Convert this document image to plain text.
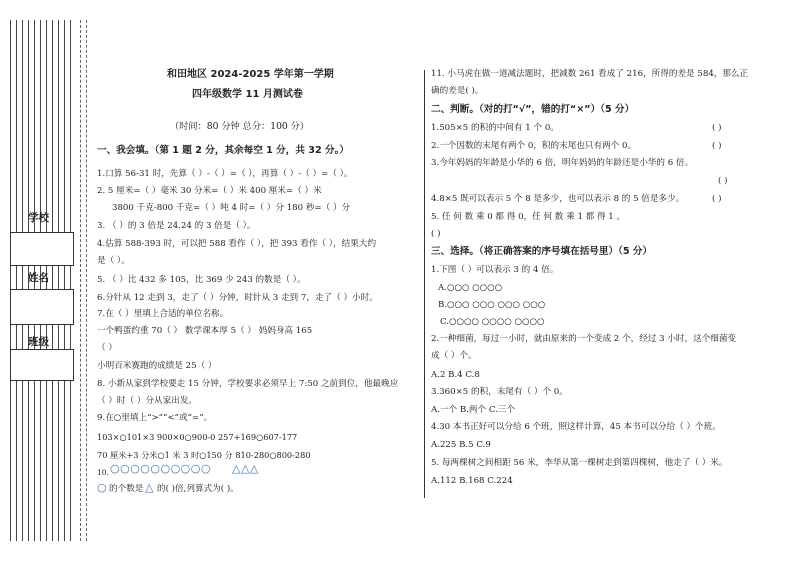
学校
姓名
班级
和田地区 2024-2025 学年第一学期
四年级数学 11 月测试卷
（时间：80 分钟 总分：100 分）
一、我会填。（第 1 题 2 分，其余每空 1 分，共 32 分。）
1.口算 56-31 时，先算（ ）-（ ）=（ ），再算（ ）-（ ）=（ ）。
2. 5 厘米=（ ）毫米 30 分米=（ ）米 400 厘米=（ ）米
3800 千克-800 千克=（ ）吨 4 时=（ ）分 180 秒=（ ）分
3. （ ）的 3 倍是 24.24 的 3 倍是（ ）。
4.估算 588-393 时，可以把 588 看作（ ），把 393 看作（ ），结果大约
是（ ）。
5. （ ）比 432 多 105，比 369 少 243 的数是（ ）。
6.分针从 12 走到 3，走了（ ）分钟，时针从 3 走到 7，走了（ ）小时。
7.在（ ）里填上合适的单位名称。
一个鸭蛋约重 70（ ） 数学课本厚 5（ ） 妈妈身高 165
（ ）
小明百米赛跑的成绩是 25（ ）
8. 小新从家到学校要走 15 分钟，学校要求必须早上 7:50 之前到位，他最晚应
（ ）时（ ）分从家出发。
9.在○里填上“>”“<”或“=”。
103×○101×3 900×0○900-0 257+169○607-177
70 厘米+3 分米○1 米 3 时○150 分 810-280○800-280
10. ○○○○○○○○○○ △△△
○ 的个数是 △ 的( )倍,列算式为( )。
11. 小马虎在做一道减法题时，把减数 261 看成了 216，所得的差是 584，那么正
确的差是( )。
二、判断。（对的打“√”，错的打“×”）（5 分）
1.505×5 的积的中间有 1 个 0。	( )
2.一个因数的末尾有两个 0，积的末尾也只有两个 0。	( )
3.今年妈妈的年龄是小华的 6 倍，明年妈妈的年龄还是小华的 6 倍。
( )
4.8×5 既可以表示 5 个 8 是多少，也可以表示 8 的 5 倍是多少。	( )
5. 任 何 数 乘 0 都 得 0，任 何 数 乘 1 都 得 1 。
( )
三、选择。（将正确答案的序号填在括号里）（5 分）
1.下图（ ）可以表示 3 的 4 倍。
A.○○○ ○○○○
B.○○○ ○○○ ○○○ ○○○
C.○○○○ ○○○○ ○○○○
2.一种细菌，每过一小时，就由原来的一个变成 2 个，经过 3 小时，这个细菌变
成（ ）个。
A.2 B.4 C.8
3.360×5 的积，末尾有（ ）个 0。
A.一个 B.两个 C.三个
4.30 本书正好可以分给 6 个班，照这样计算，45 本书可以分给（ ）个班。
A.225 B.5 C.9
5. 每两棵树之间相距 56 米，李华从第一棵树走到第四棵树，他走了（ ）米。
A.112 B.168 C.224
